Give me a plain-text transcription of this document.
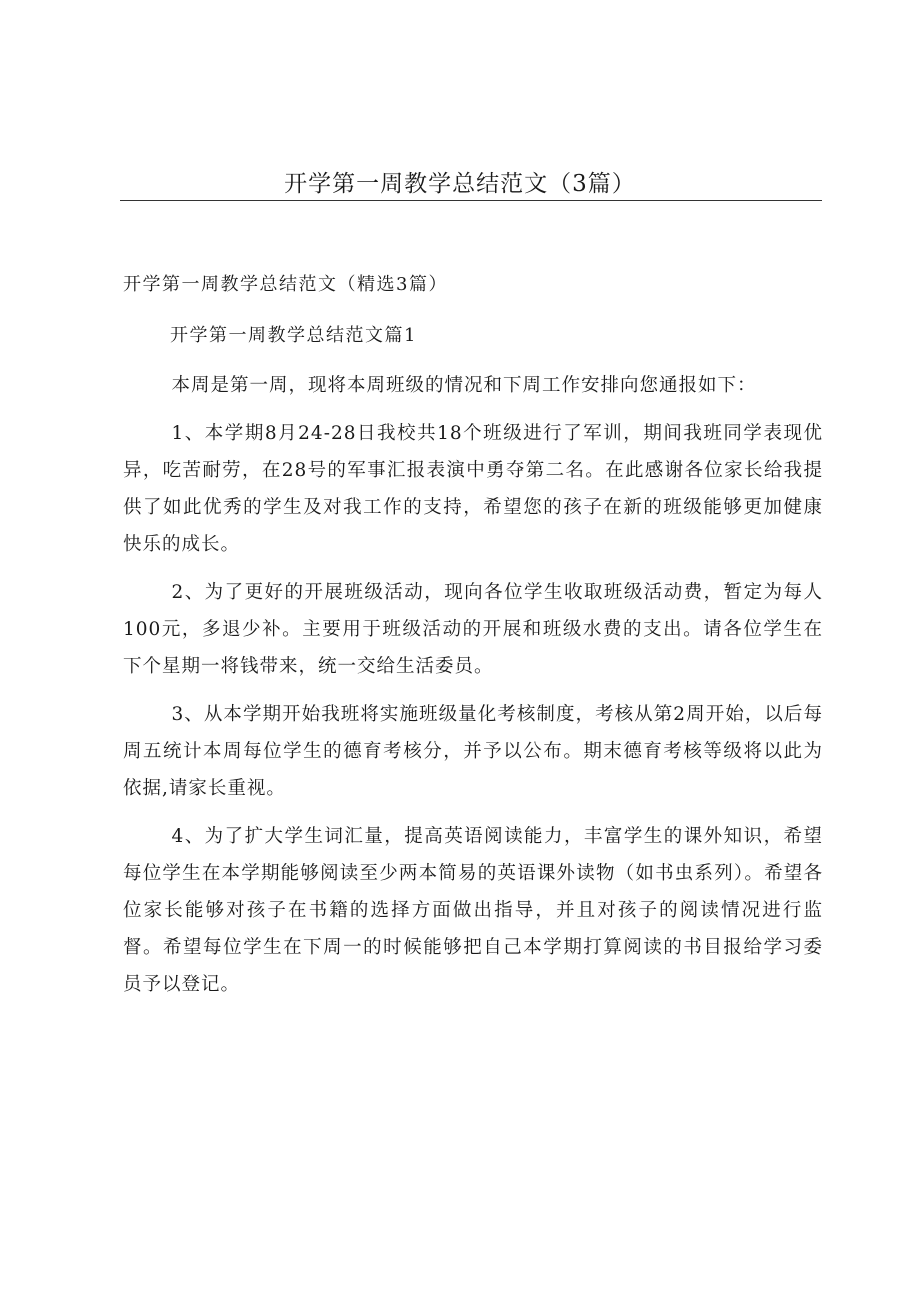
开学第一周教学总结范文（3篇）

开学第一周教学总结范文（精选3篇）

开学第一周教学总结范文篇1

本周是第一周，现将本周班级的情况和下周工作安排向您通报如下：

1、本学期8月24-28日我校共18个班级进行了军训，期间我班同学表现优异，吃苦耐劳，在28号的军事汇报表演中勇夺第二名。在此感谢各位家长给我提供了如此优秀的学生及对我工作的支持，希望您的孩子在新的班级能够更加健康快乐的成长。

2、为了更好的开展班级活动，现向各位学生收取班级活动费，暂定为每人100元，多退少补。主要用于班级活动的开展和班级水费的支出。请各位学生在下个星期一将钱带来，统一交给生活委员。

3、从本学期开始我班将实施班级量化考核制度，考核从第2周开始，以后每周五统计本周每位学生的德育考核分，并予以公布。期末德育考核等级将以此为依据,请家长重视。

4、为了扩大学生词汇量，提高英语阅读能力，丰富学生的课外知识，希望每位学生在本学期能够阅读至少两本简易的英语课外读物（如书虫系列）。希望各位家长能够对孩子在书籍的选择方面做出指导，并且对孩子的阅读情况进行监督。希望每位学生在下周一的时候能够把自己本学期打算阅读的书目报给学习委员予以登记。
